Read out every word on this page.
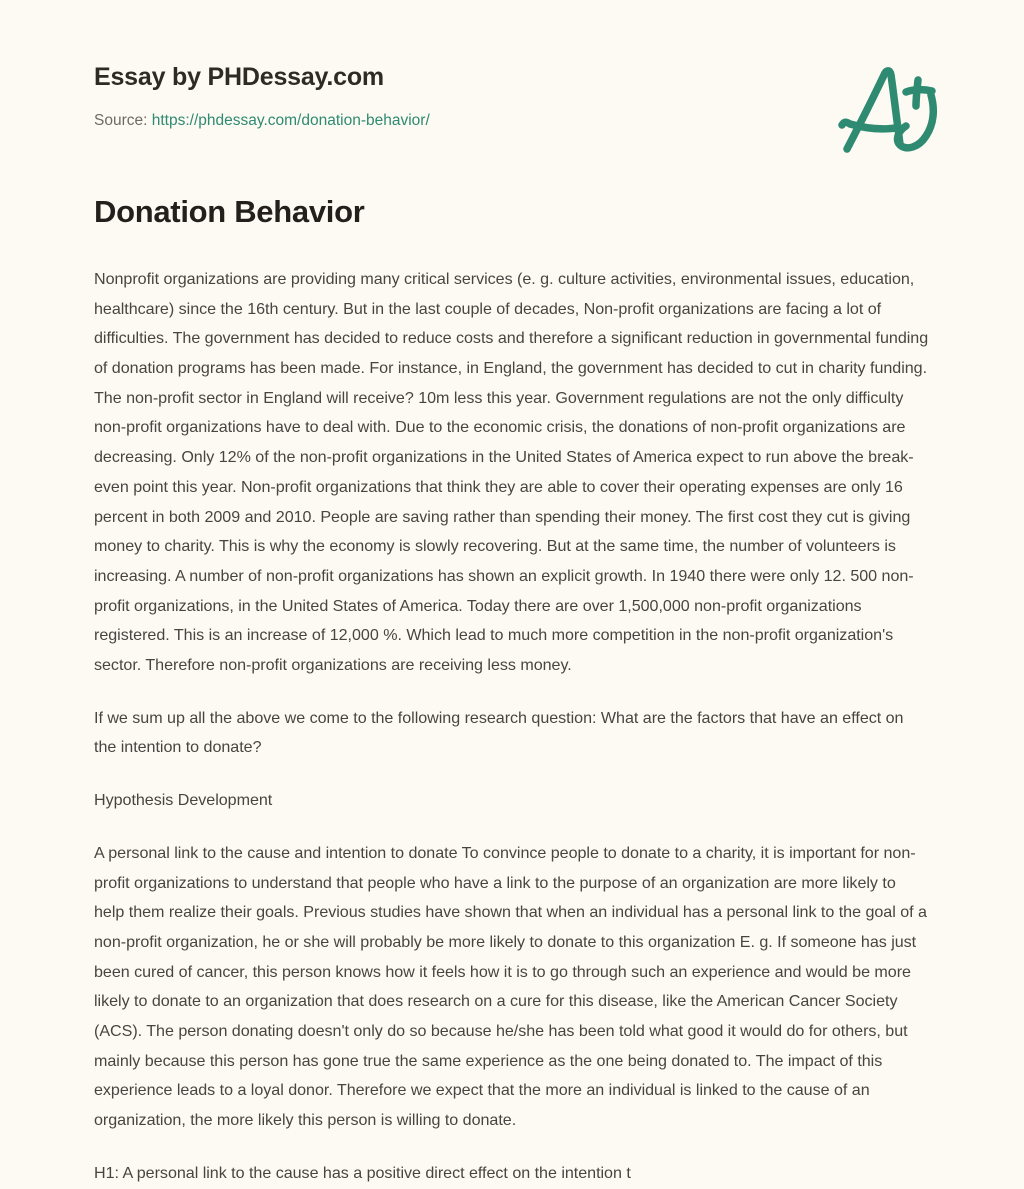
Essay by PHDessay.com
Source: https://phdessay.com/donation-behavior/
Donation Behavior

Nonprofit organizations are providing many critical services (e. g. culture activities, environmental issues, education, healthcare) since the 16th century. But in the last couple of decades, Non-profit organizations are facing a lot of difficulties. The government has decided to reduce costs and therefore a significant reduction in governmental funding of donation programs has been made. For instance, in England, the government has decided to cut in charity funding. The non-profit sector in England will receive? 10m less this year. Government regulations are not the only difficulty non-profit organizations have to deal with. Due to the economic crisis, the donations of non-profit organizations are decreasing. Only 12% of the non-profit organizations in the United States of America expect to run above the break-even point this year. Non-profit organizations that think they are able to cover their operating expenses are only 16 percent in both 2009 and 2010. People are saving rather than spending their money. The first cost they cut is giving money to charity. This is why the economy is slowly recovering. But at the same time, the number of volunteers is increasing. A number of non-profit organizations has shown an explicit growth. In 1940 there were only 12. 500 non-profit organizations, in the United States of America. Today there are over 1,500,000 non-profit organizations registered. This is an increase of 12,000 %. Which lead to much more competition in the non-profit organization's sector. Therefore non-profit organizations are receiving less money.

If we sum up all the above we come to the following research question: What are the factors that have an effect on the intention to donate?

Hypothesis Development

A personal link to the cause and intention to donate To convince people to donate to a charity, it is important for non-profit organizations to understand that people who have a link to the purpose of an organization are more likely to help them realize their goals. Previous studies have shown that when an individual has a personal link to the goal of a non-profit organization, he or she will probably be more likely to donate to this organization E. g. If someone has just been cured of cancer, this person knows how it feels how it is to go through such an experience and would be more likely to donate to an organization that does research on a cure for this disease, like the American Cancer Society (ACS). The person donating doesn't only do so because he/she has been told what good it would do for others, but mainly because this person has gone true the same experience as the one being donated to. The impact of this experience leads to a loyal donor. Therefore we expect that the more an individual is linked to the cause of an organization, the more likely this person is willing to donate.

H1: A personal link to the cause has a positive direct effect on the intention t
